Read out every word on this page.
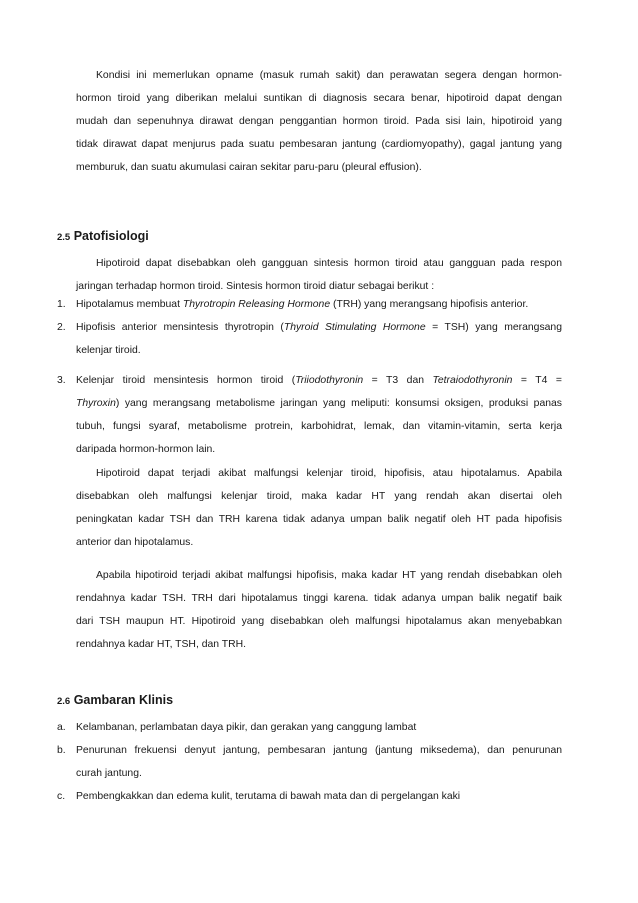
Kondisi ini memerlukan opname (masuk rumah sakit) dan perawatan segera dengan hormon-
hormon tiroid yang diberikan melalui suntikan di diagnosis secara benar, hipotiroid dapat dengan
mudah dan sepenuhnya dirawat dengan penggantian hormon tiroid. Pada sisi lain, hipotiroid yang
tidak dirawat dapat menjurus pada suatu pembesaran jantung (cardiomyopathy), gagal jantung yang
memburuk, dan suatu akumulasi cairan sekitar paru-paru (pleural effusion).
2.5 Patofisiologi
Hipotiroid dapat disebabkan oleh gangguan sintesis hormon tiroid atau gangguan pada respon
jaringan terhadap hormon tiroid. Sintesis hormon tiroid diatur sebagai berikut :
1. Hipotalamus membuat Thyrotropin Releasing Hormone (TRH) yang merangsang hipofisis anterior.
2. Hipofisis anterior mensintesis thyrotropin (Thyroid Stimulating Hormone = TSH) yang merangsang
kelenjar tiroid.
3. Kelenjar tiroid mensintesis hormon tiroid (Triiodothyronin = T3 dan Tetraiodothyronin = T4 =
Thyroxin) yang merangsang metabolisme jaringan yang meliputi: konsumsi oksigen, produksi panas
tubuh, fungsi syaraf, metabolisme protrein, karbohidrat, lemak, dan vitamin-vitamin, serta kerja
daripada hormon-hormon lain.
Hipotiroid dapat terjadi akibat malfungsi kelenjar tiroid, hipofisis, atau hipotalamus. Apabila
disebabkan oleh malfungsi kelenjar tiroid, maka kadar HT yang rendah akan disertai oleh
peningkatan kadar TSH dan TRH karena tidak adanya umpan balik negatif oleh HT pada hipofisis
anterior dan hipotalamus.
Apabila hipotiroid terjadi akibat malfungsi hipofisis, maka kadar HT yang rendah disebabkan oleh
rendahnya kadar TSH. TRH dari hipotalamus tinggi karena. tidak adanya umpan balik negatif baik
dari TSH maupun HT. Hipotiroid yang disebabkan oleh malfungsi hipotalamus akan menyebabkan
rendahnya kadar HT, TSH, dan TRH.
2.6 Gambaran Klinis
a. Kelambanan, perlambatan daya pikir, dan gerakan yang canggung lambat
b. Penurunan frekuensi denyut jantung, pembesaran jantung (jantung miksedema), dan penurunan
curah jantung.
c. Pembengkakkan dan edema kulit, terutama di bawah mata dan di pergelangan kaki
